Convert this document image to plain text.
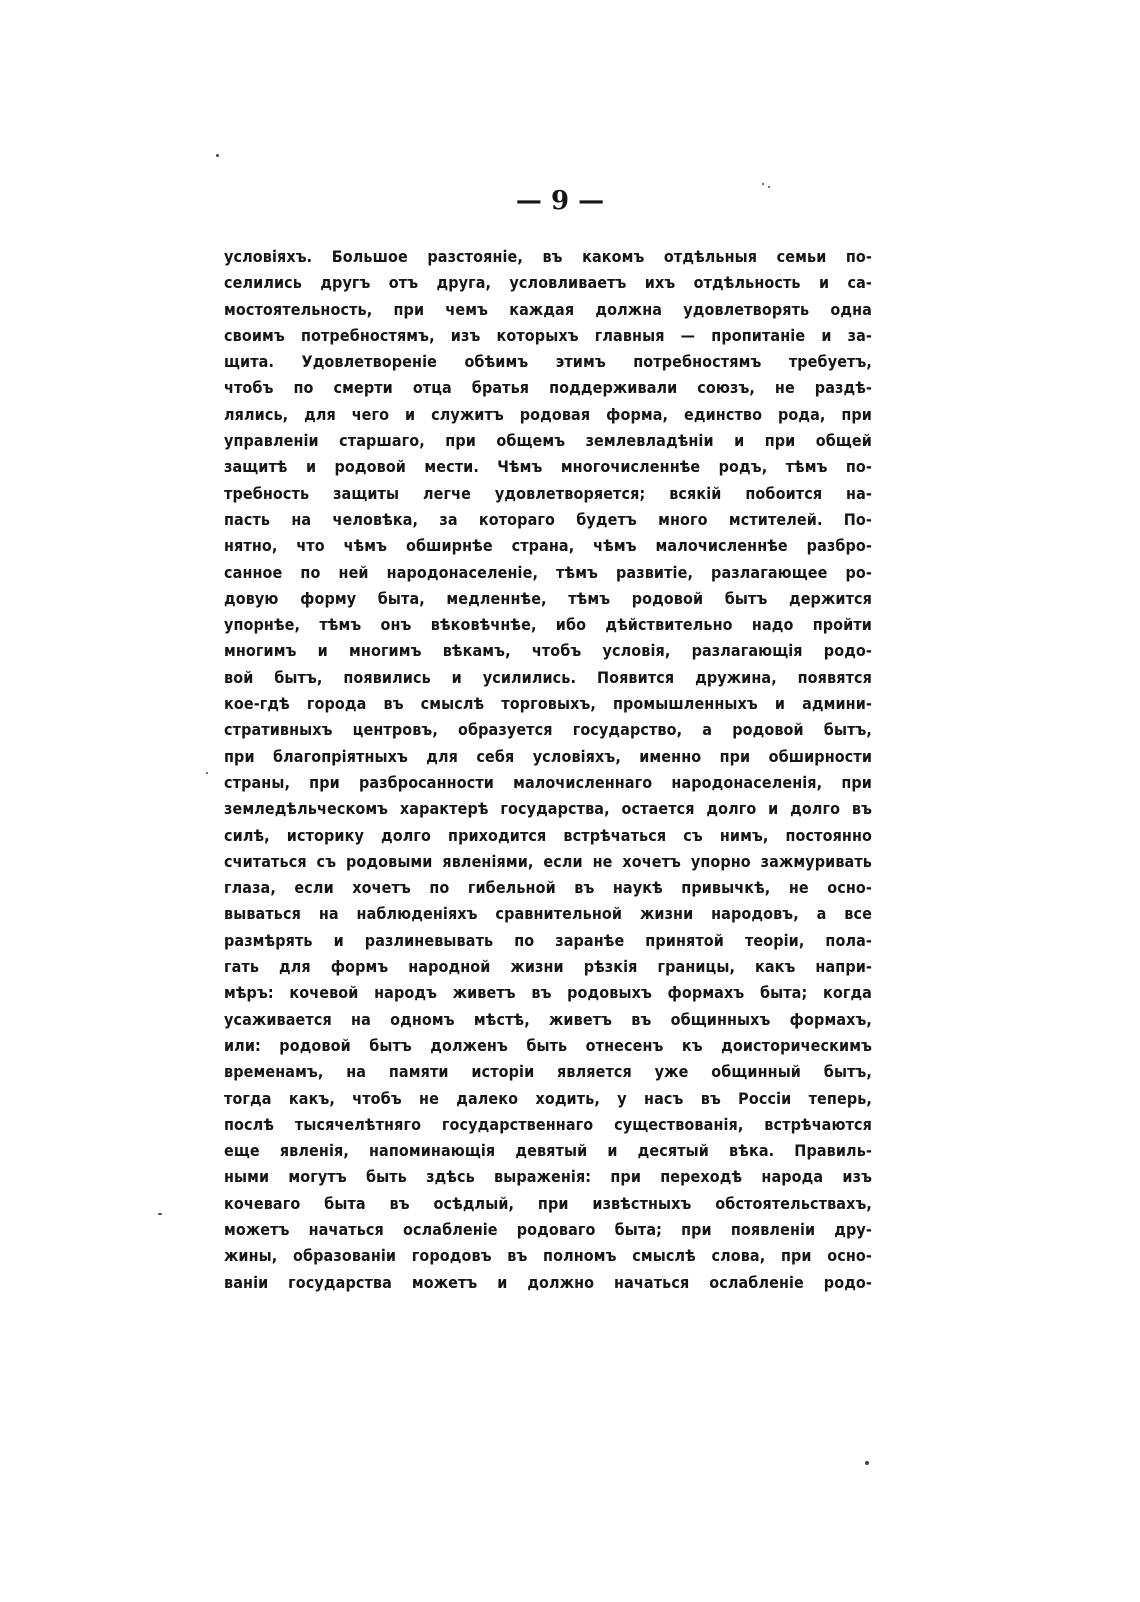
— 9 —
условіяхъ. Большое разстояніе, въ какомъ отдѣльныя семьи по-
селились другъ отъ друга, условливаетъ ихъ отдѣльность и са-
мостоятельность, при чемъ каждая должна удовлетворять одна
своимъ потребностямъ, изъ которыхъ главныя — пропитаніе и за-
щита. Удовлетвореніе обѣимъ этимъ потребностямъ требуетъ,
чтобъ по смерти отца братья поддерживали союзъ, не раздѣ-
лялись, для чего и служитъ родовая форма, единство рода, при
управленіи старшаго, при общемъ землевладѣніи и при общей
защитѣ и родовой мести. Чѣмъ многочисленнѣе родъ, тѣмъ по-
требность защиты легче удовлетворяется; всякій побоится на-
пасть на человѣка, за котораго будетъ много мстителей. По-
нятно, что чѣмъ обширнѣе страна, чѣмъ малочисленнѣе разбро-
санное по ней народонаселеніе, тѣмъ развитіе, разлагающее ро-
довую форму быта, медленнѣе, тѣмъ родовой бытъ держится
упорнѣе, тѣмъ онъ вѣковѣчнѣе, ибо дѣйствительно надо пройти
многимъ и многимъ вѣкамъ, чтобъ условія, разлагающія родо-
вой бытъ, появились и усилились. Появится дружина, появятся
кое-гдѣ города въ смыслѣ торговыхъ, промышленныхъ и админи-
стративныхъ центровъ, образуется государство, а родовой бытъ,
при благопріятныхъ для себя условіяхъ, именно при обширности
страны, при разбросанности малочисленнаго народонаселенія, при
земледѣльческомъ характерѣ государства, остается долго и долго въ
силѣ, историку долго приходится встрѣчаться съ нимъ, постоянно
считаться съ родовыми явленіями, если не хочетъ упорно зажмуривать
глаза, если хочетъ по гибельной въ наукѣ привычкѣ, не осно-
вываться на наблюденіяхъ сравнительной жизни народовъ, а все
размѣрять и разлиневывать по заранѣе принятой теоріи, пола-
гать для формъ народной жизни рѣзкія границы, какъ напри-
мѣръ: кочевой народъ живетъ въ родовыхъ формахъ быта; когда
усаживается на одномъ мѣстѣ, живетъ въ общинныхъ формахъ,
или: родовой бытъ долженъ быть отнесенъ къ доисторическимъ
временамъ, на памяти исторіи является уже общинный бытъ,
тогда какъ, чтобъ не далеко ходить, у насъ въ Россіи теперь,
послѣ тысячелѣтняго государственнаго существованія, встрѣчаются
еще явленія, напоминающія девятый и десятый вѣка. Правиль-
ными могутъ быть здѣсь выраженія: при переходѣ народа изъ
кочеваго быта въ осѣдлый, при извѣстныхъ обстоятельствахъ,
можетъ начаться ослабленіе родоваго быта; при появленіи дру-
жины, образованіи городовъ въ полномъ смыслѣ слова, при осно-
ваніи государства можетъ и должно начаться ослабленіе родо-
